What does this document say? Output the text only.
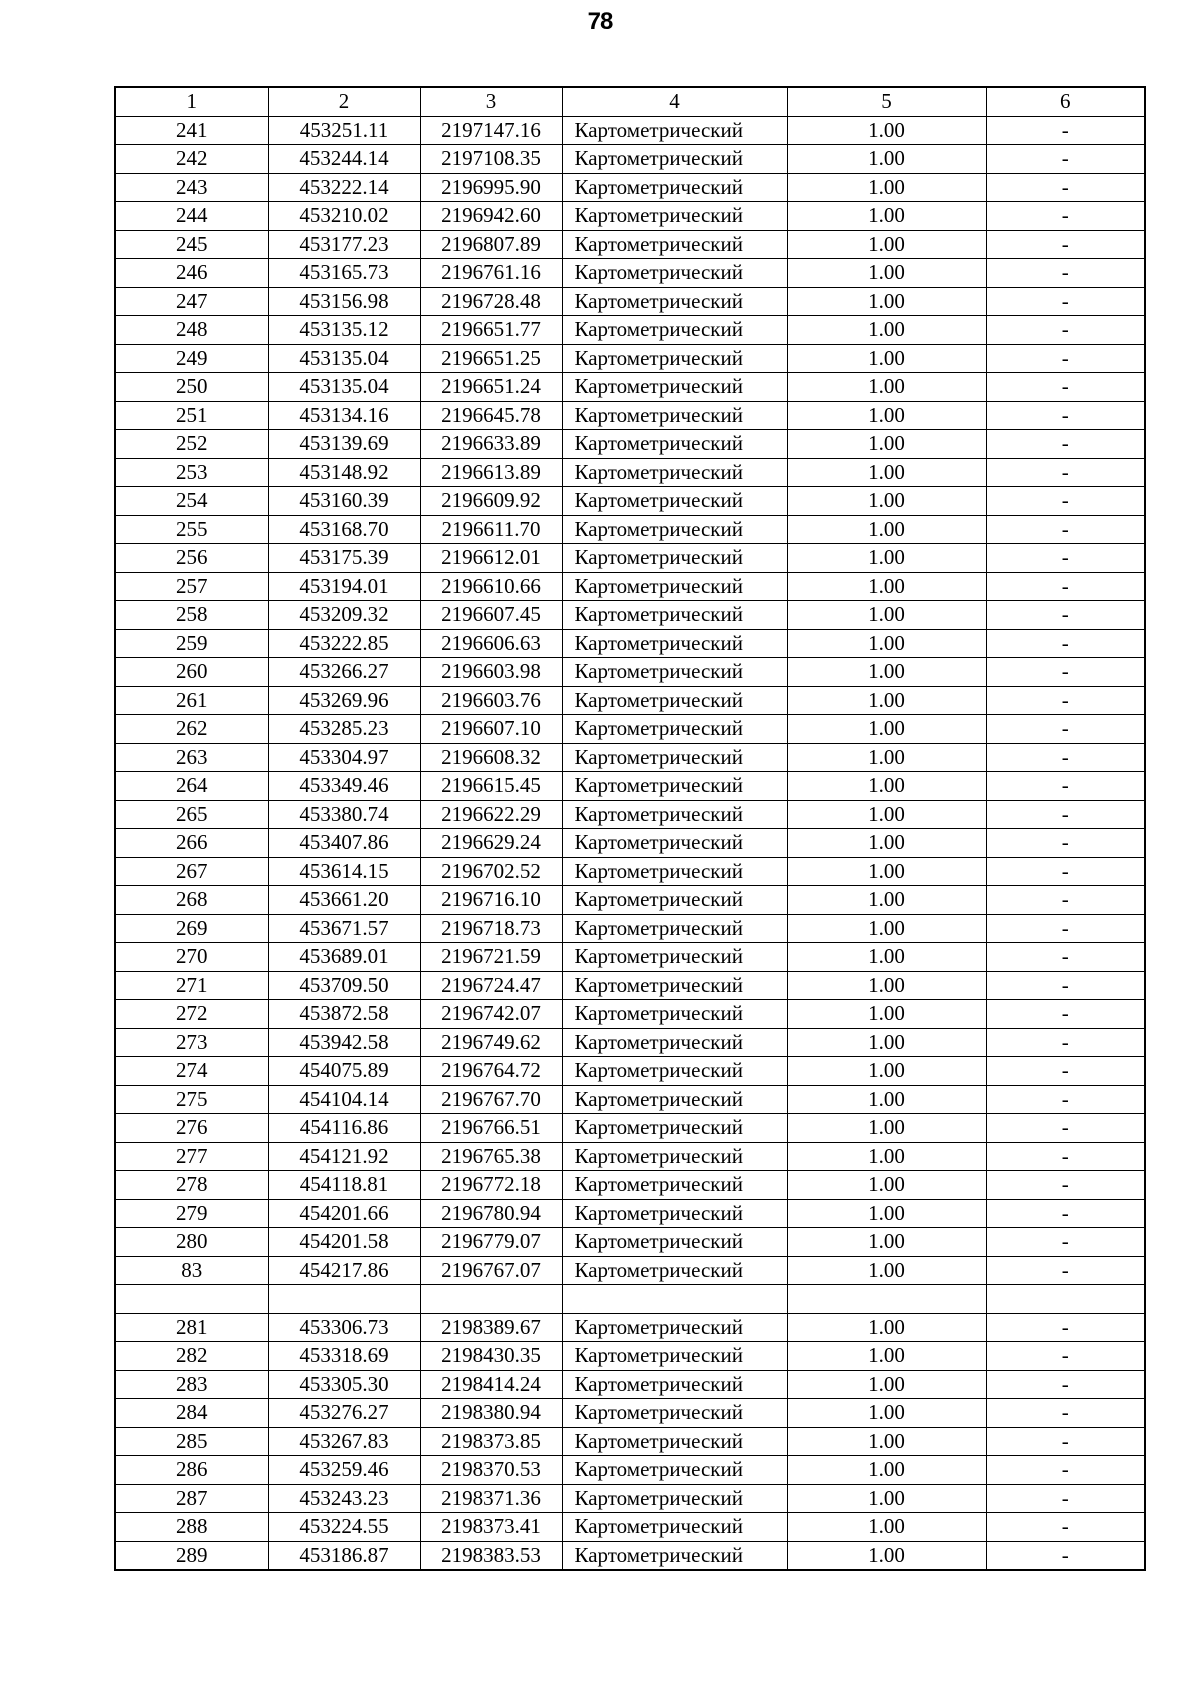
78
1	2	3	4	5	6
241	453251.11	2197147.16	Картометрический	1.00	-
242	453244.14	2197108.35	Картометрический	1.00	-
243	453222.14	2196995.90	Картометрический	1.00	-
244	453210.02	2196942.60	Картометрический	1.00	-
245	453177.23	2196807.89	Картометрический	1.00	-
246	453165.73	2196761.16	Картометрический	1.00	-
247	453156.98	2196728.48	Картометрический	1.00	-
248	453135.12	2196651.77	Картометрический	1.00	-
249	453135.04	2196651.25	Картометрический	1.00	-
250	453135.04	2196651.24	Картометрический	1.00	-
251	453134.16	2196645.78	Картометрический	1.00	-
252	453139.69	2196633.89	Картометрический	1.00	-
253	453148.92	2196613.89	Картометрический	1.00	-
254	453160.39	2196609.92	Картометрический	1.00	-
255	453168.70	2196611.70	Картометрический	1.00	-
256	453175.39	2196612.01	Картометрический	1.00	-
257	453194.01	2196610.66	Картометрический	1.00	-
258	453209.32	2196607.45	Картометрический	1.00	-
259	453222.85	2196606.63	Картометрический	1.00	-
260	453266.27	2196603.98	Картометрический	1.00	-
261	453269.96	2196603.76	Картометрический	1.00	-
262	453285.23	2196607.10	Картометрический	1.00	-
263	453304.97	2196608.32	Картометрический	1.00	-
264	453349.46	2196615.45	Картометрический	1.00	-
265	453380.74	2196622.29	Картометрический	1.00	-
266	453407.86	2196629.24	Картометрический	1.00	-
267	453614.15	2196702.52	Картометрический	1.00	-
268	453661.20	2196716.10	Картометрический	1.00	-
269	453671.57	2196718.73	Картометрический	1.00	-
270	453689.01	2196721.59	Картометрический	1.00	-
271	453709.50	2196724.47	Картометрический	1.00	-
272	453872.58	2196742.07	Картометрический	1.00	-
273	453942.58	2196749.62	Картометрический	1.00	-
274	454075.89	2196764.72	Картометрический	1.00	-
275	454104.14	2196767.70	Картометрический	1.00	-
276	454116.86	2196766.51	Картометрический	1.00	-
277	454121.92	2196765.38	Картометрический	1.00	-
278	454118.81	2196772.18	Картометрический	1.00	-
279	454201.66	2196780.94	Картометрический	1.00	-
280	454201.58	2196779.07	Картометрический	1.00	-
83	454217.86	2196767.07	Картометрический	1.00	-

281	453306.73	2198389.67	Картометрический	1.00	-
282	453318.69	2198430.35	Картометрический	1.00	-
283	453305.30	2198414.24	Картометрический	1.00	-
284	453276.27	2198380.94	Картометрический	1.00	-
285	453267.83	2198373.85	Картометрический	1.00	-
286	453259.46	2198370.53	Картометрический	1.00	-
287	453243.23	2198371.36	Картометрический	1.00	-
288	453224.55	2198373.41	Картометрический	1.00	-
289	453186.87	2198383.53	Картометрический	1.00	-
